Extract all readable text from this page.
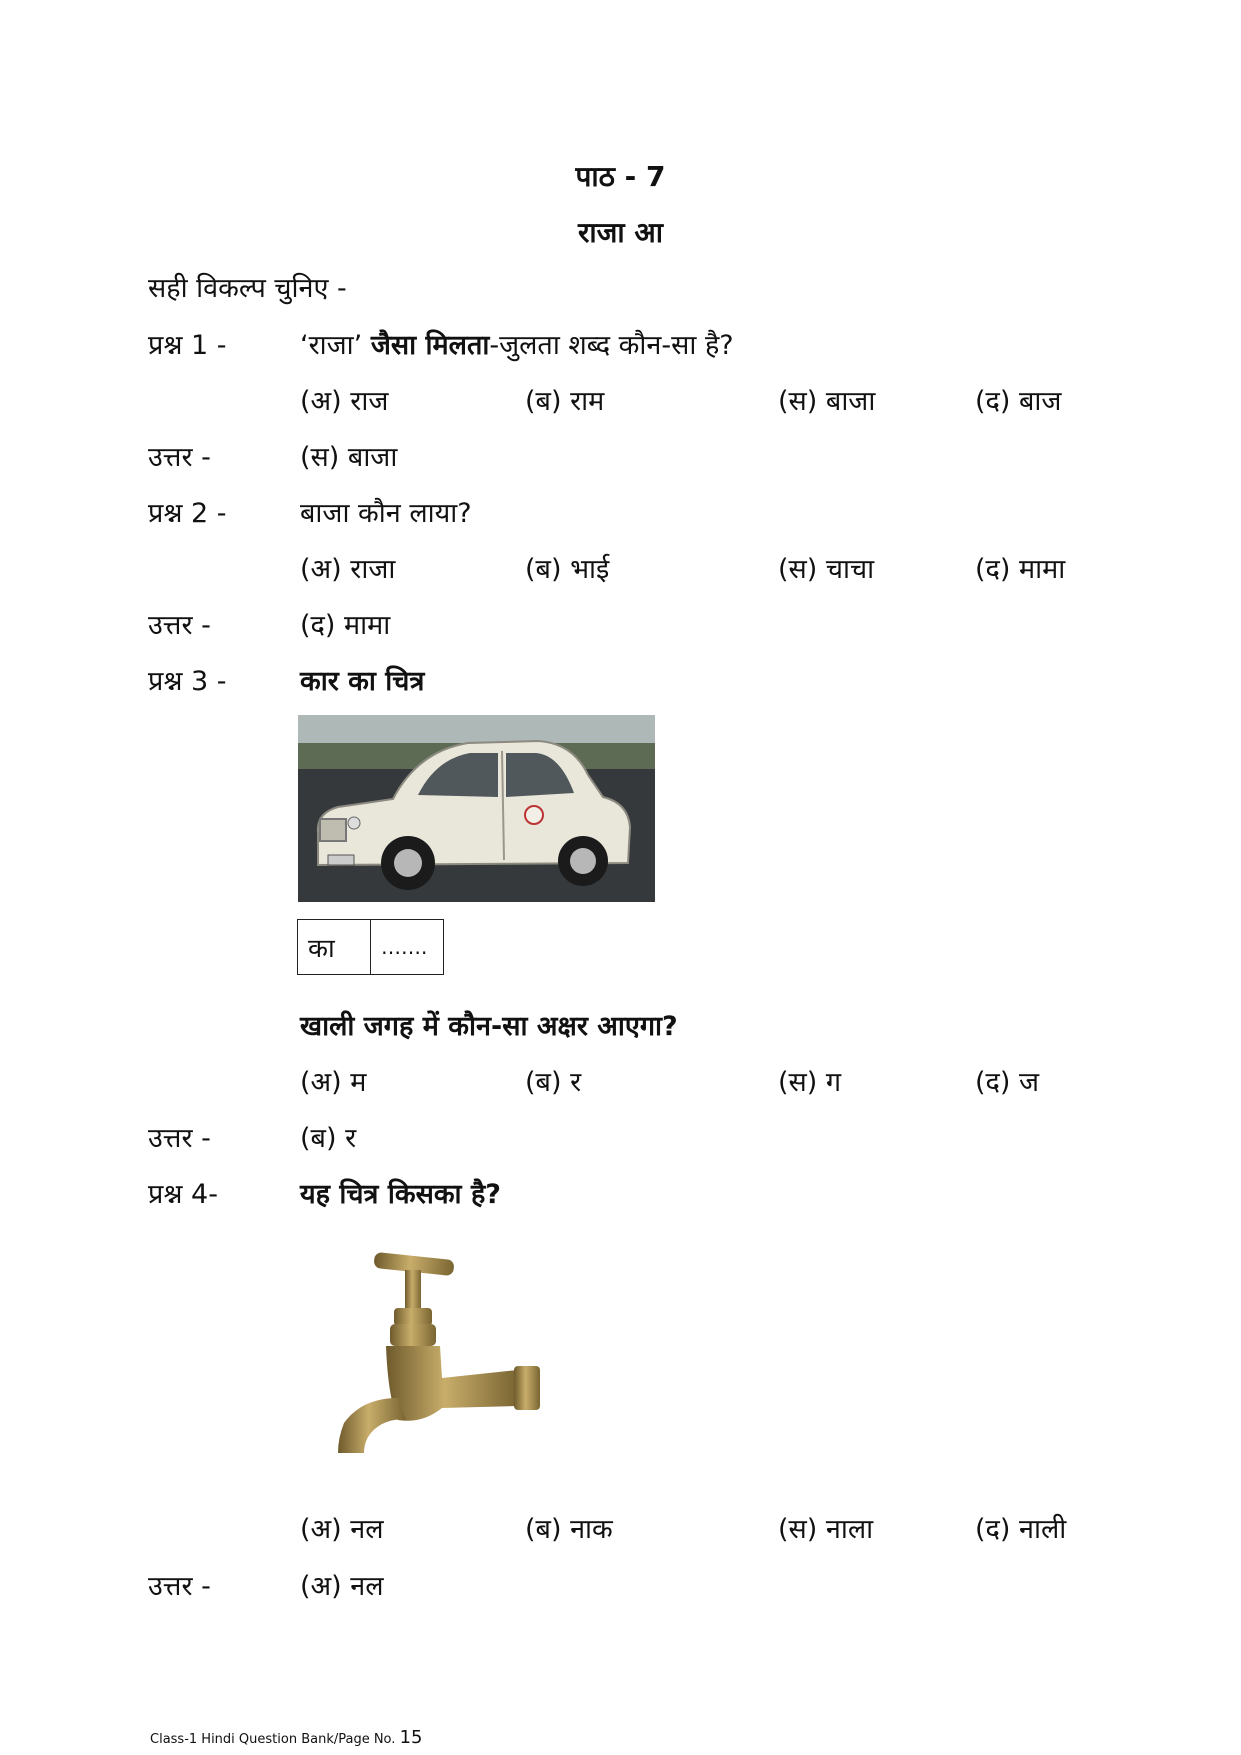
पाठ - 7
राजा आ
सही विकल्प चुनिए -
प्रश्न 1 -	‘राजा’ जैसा मिलता-जुलता शब्द कौन-सा है?
(अ) राज	(ब) राम	(स) बाजा	(द) बाज
उत्तर -	(स) बाजा
प्रश्न 2 -	बाजा कौन लाया?
(अ) राजा	(ब) भाई	(स) चाचा	(द) मामा
उत्तर -	(द) मामा
प्रश्न 3 -	कार का चित्र
का	…….
खाली जगह में कौन-सा अक्षर आएगा?
(अ) म	(ब) र	(स) ग	(द) ज
उत्तर -	(ब) र
प्रश्न 4-	यह चित्र किसका है?
(अ) नल	(ब) नाक	(स) नाला	(द) नाली
उत्तर -	(अ) नल
Class-1 Hindi Question Bank/Page No. 15
